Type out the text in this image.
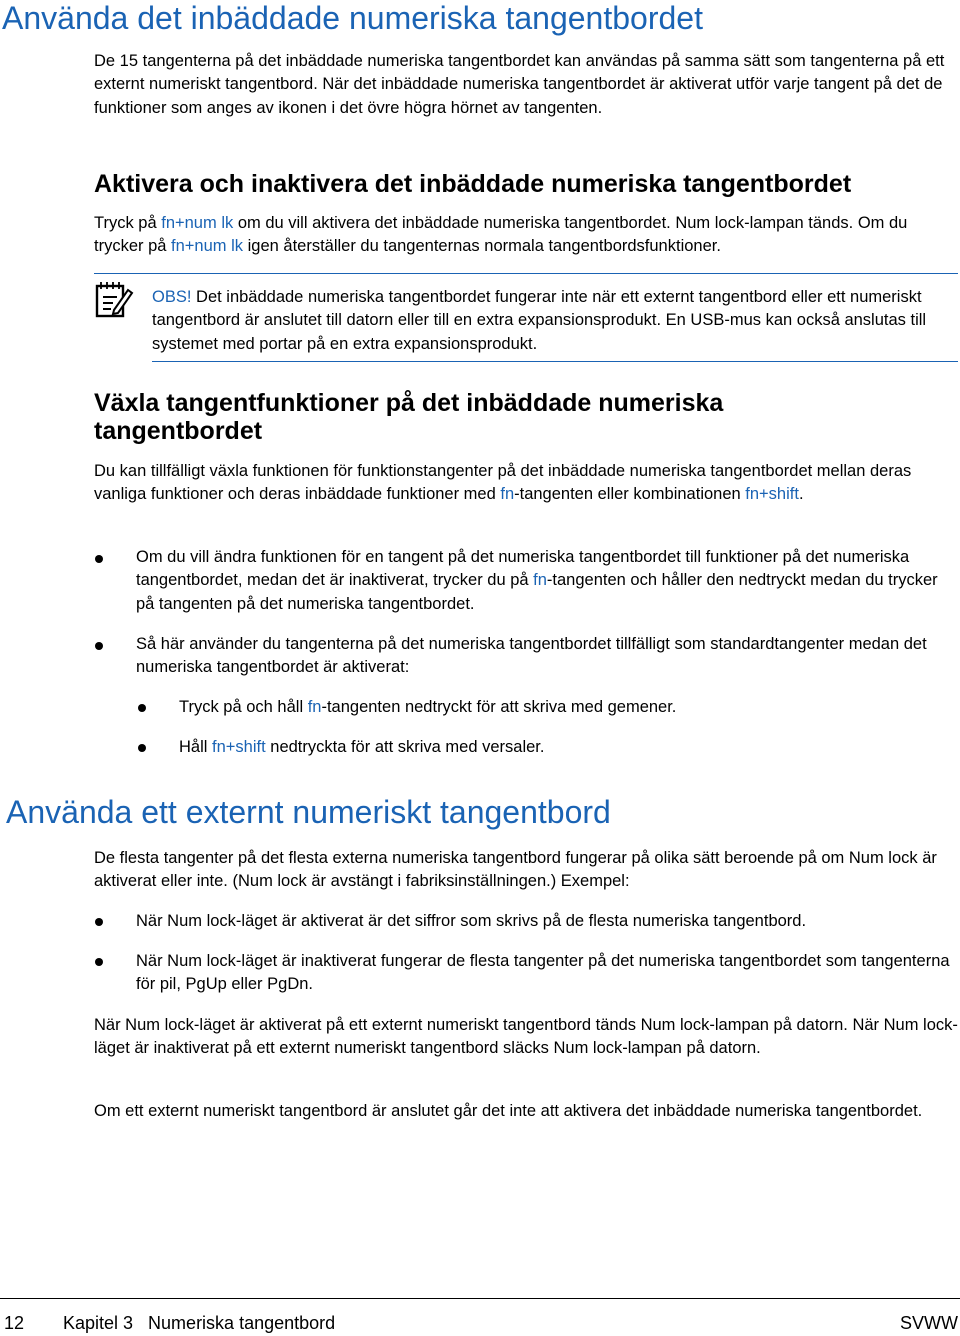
Använda det inbäddade numeriska tangentbordet

De 15 tangenterna på det inbäddade numeriska tangentbordet kan användas på samma sätt som tangenterna på ett externt numeriskt tangentbord. När det inbäddade numeriska tangentbordet är aktiverat utför varje tangent på det de funktioner som anges av ikonen i det övre högra hörnet av tangenten.

Aktivera och inaktivera det inbäddade numeriska tangentbordet

Tryck på fn+num lk om du vill aktivera det inbäddade numeriska tangentbordet. Num lock-lampan tänds. Om du trycker på fn+num lk igen återställer du tangenternas normala tangentbordsfunktioner.

OBS! Det inbäddade numeriska tangentbordet fungerar inte när ett externt tangentbord eller ett numeriskt tangentbord är anslutet till datorn eller till en extra expansionsprodukt. En USB-mus kan också anslutas till systemet med portar på en extra expansionsprodukt.

Växla tangentfunktioner på det inbäddade numeriska tangentbordet

Du kan tillfälligt växla funktionen för funktionstangenter på det inbäddade numeriska tangentbordet mellan deras vanliga funktioner och deras inbäddade funktioner med fn-tangenten eller kombinationen fn+shift.

Om du vill ändra funktionen för en tangent på det numeriska tangentbordet till funktioner på det numeriska tangentbordet, medan det är inaktiverat, trycker du på fn-tangenten och håller den nedtryckt medan du trycker på tangenten på det numeriska tangentbordet.

Så här använder du tangenterna på det numeriska tangentbordet tillfälligt som standardtangenter medan det numeriska tangentbordet är aktiverat:

Tryck på och håll fn-tangenten nedtryckt för att skriva med gemener.

Håll fn+shift nedtryckta för att skriva med versaler.

Använda ett externt numeriskt tangentbord

De flesta tangenter på det flesta externa numeriska tangentbord fungerar på olika sätt beroende på om Num lock är aktiverat eller inte. (Num lock är avstängt i fabriksinställningen.) Exempel:

När Num lock-läget är aktiverat är det siffror som skrivs på de flesta numeriska tangentbord.

När Num lock-läget är inaktiverat fungerar de flesta tangenter på det numeriska tangentbordet som tangenterna för pil, PgUp eller PgDn.

När Num lock-läget är aktiverat på ett externt numeriskt tangentbord tänds Num lock-lampan på datorn. När Num lock-läget är inaktiverat på ett externt numeriskt tangentbord släcks Num lock-lampan på datorn.

Om ett externt numeriskt tangentbord är anslutet går det inte att aktivera det inbäddade numeriska tangentbordet.

12 Kapitel 3   Numeriska tangentbord	SVWW
